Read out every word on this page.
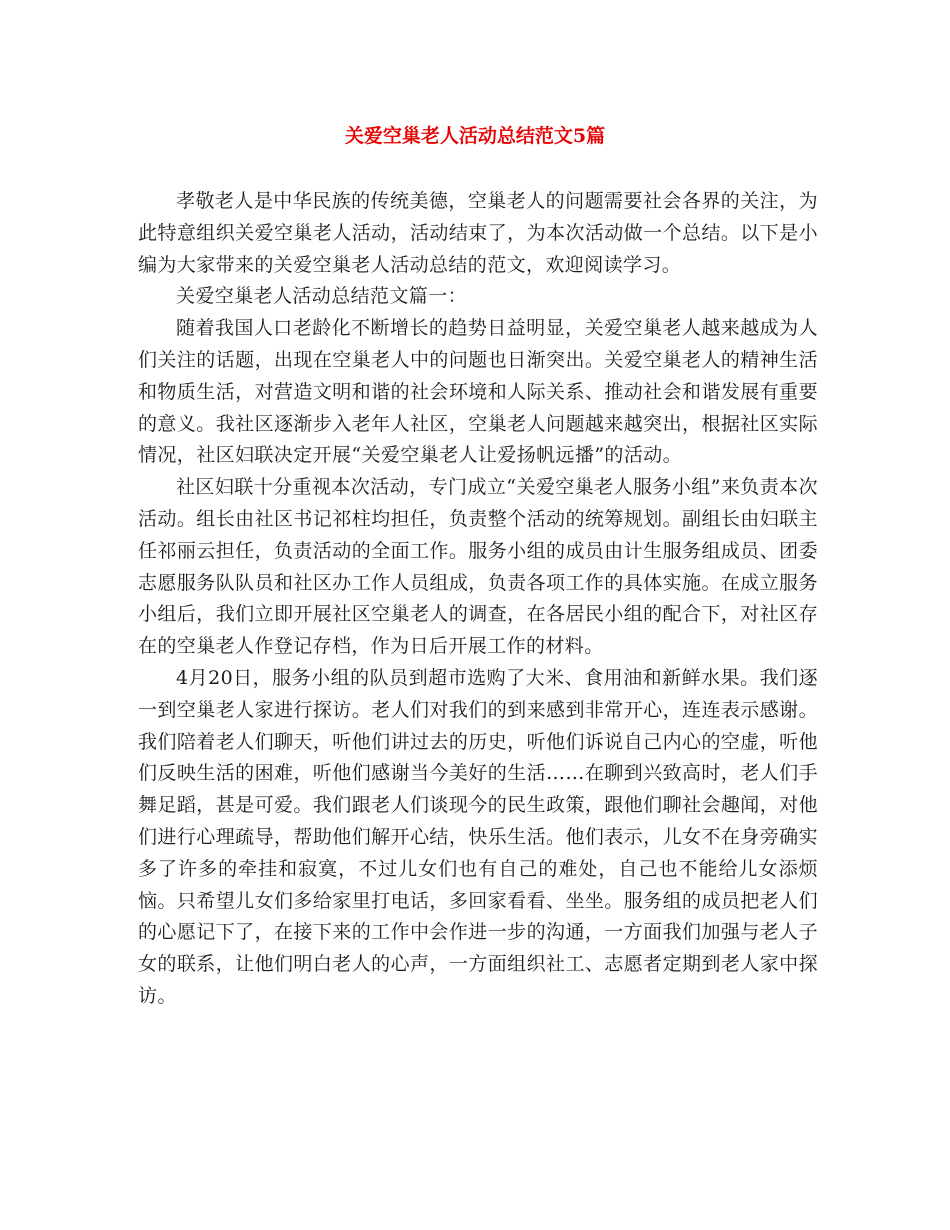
关爱空巢老人活动总结范文5篇

孝敬老人是中华民族的传统美德，空巢老人的问题需要社会各界的关注，为此特意组织关爱空巢老人活动，活动结束了，为本次活动做一个总结。以下是小编为大家带来的关爱空巢老人活动总结的范文，欢迎阅读学习。

关爱空巢老人活动总结范文篇一：

随着我国人口老龄化不断增长的趋势日益明显，关爱空巢老人越来越成为人们关注的话题，出现在空巢老人中的问题也日渐突出。关爱空巢老人的精神生活和物质生活，对营造文明和谐的社会环境和人际关系、推动社会和谐发展有重要的意义。我社区逐渐步入老年人社区，空巢老人问题越来越突出，根据社区实际情况，社区妇联决定开展“关爱空巢老人让爱扬帆远播”的活动。

社区妇联十分重视本次活动，专门成立“关爱空巢老人服务小组”来负责本次活动。组长由社区书记祁柱均担任，负责整个活动的统筹规划。副组长由妇联主任祁丽云担任，负责活动的全面工作。服务小组的成员由计生服务组成员、团委志愿服务队队员和社区办工作人员组成，负责各项工作的具体实施。在成立服务小组后，我们立即开展社区空巢老人的调查，在各居民小组的配合下，对社区存在的空巢老人作登记存档，作为日后开展工作的材料。

4月20日，服务小组的队员到超市选购了大米、食用油和新鲜水果。我们逐一到空巢老人家进行探访。老人们对我们的到来感到非常开心，连连表示感谢。我们陪着老人们聊天，听他们讲过去的历史，听他们诉说自己内心的空虚，听他们反映生活的困难，听他们感谢当今美好的生活……在聊到兴致高时，老人们手舞足蹈，甚是可爱。我们跟老人们谈现今的民生政策，跟他们聊社会趣闻，对他们进行心理疏导，帮助他们解开心结，快乐生活。他们表示，儿女不在身旁确实多了许多的牵挂和寂寞，不过儿女们也有自己的难处，自己也不能给儿女添烦恼。只希望儿女们多给家里打电话，多回家看看、坐坐。服务组的成员把老人们的心愿记下了，在接下来的工作中会作进一步的沟通，一方面我们加强与老人子女的联系，让他们明白老人的心声，一方面组织社工、志愿者定期到老人家中探访。
